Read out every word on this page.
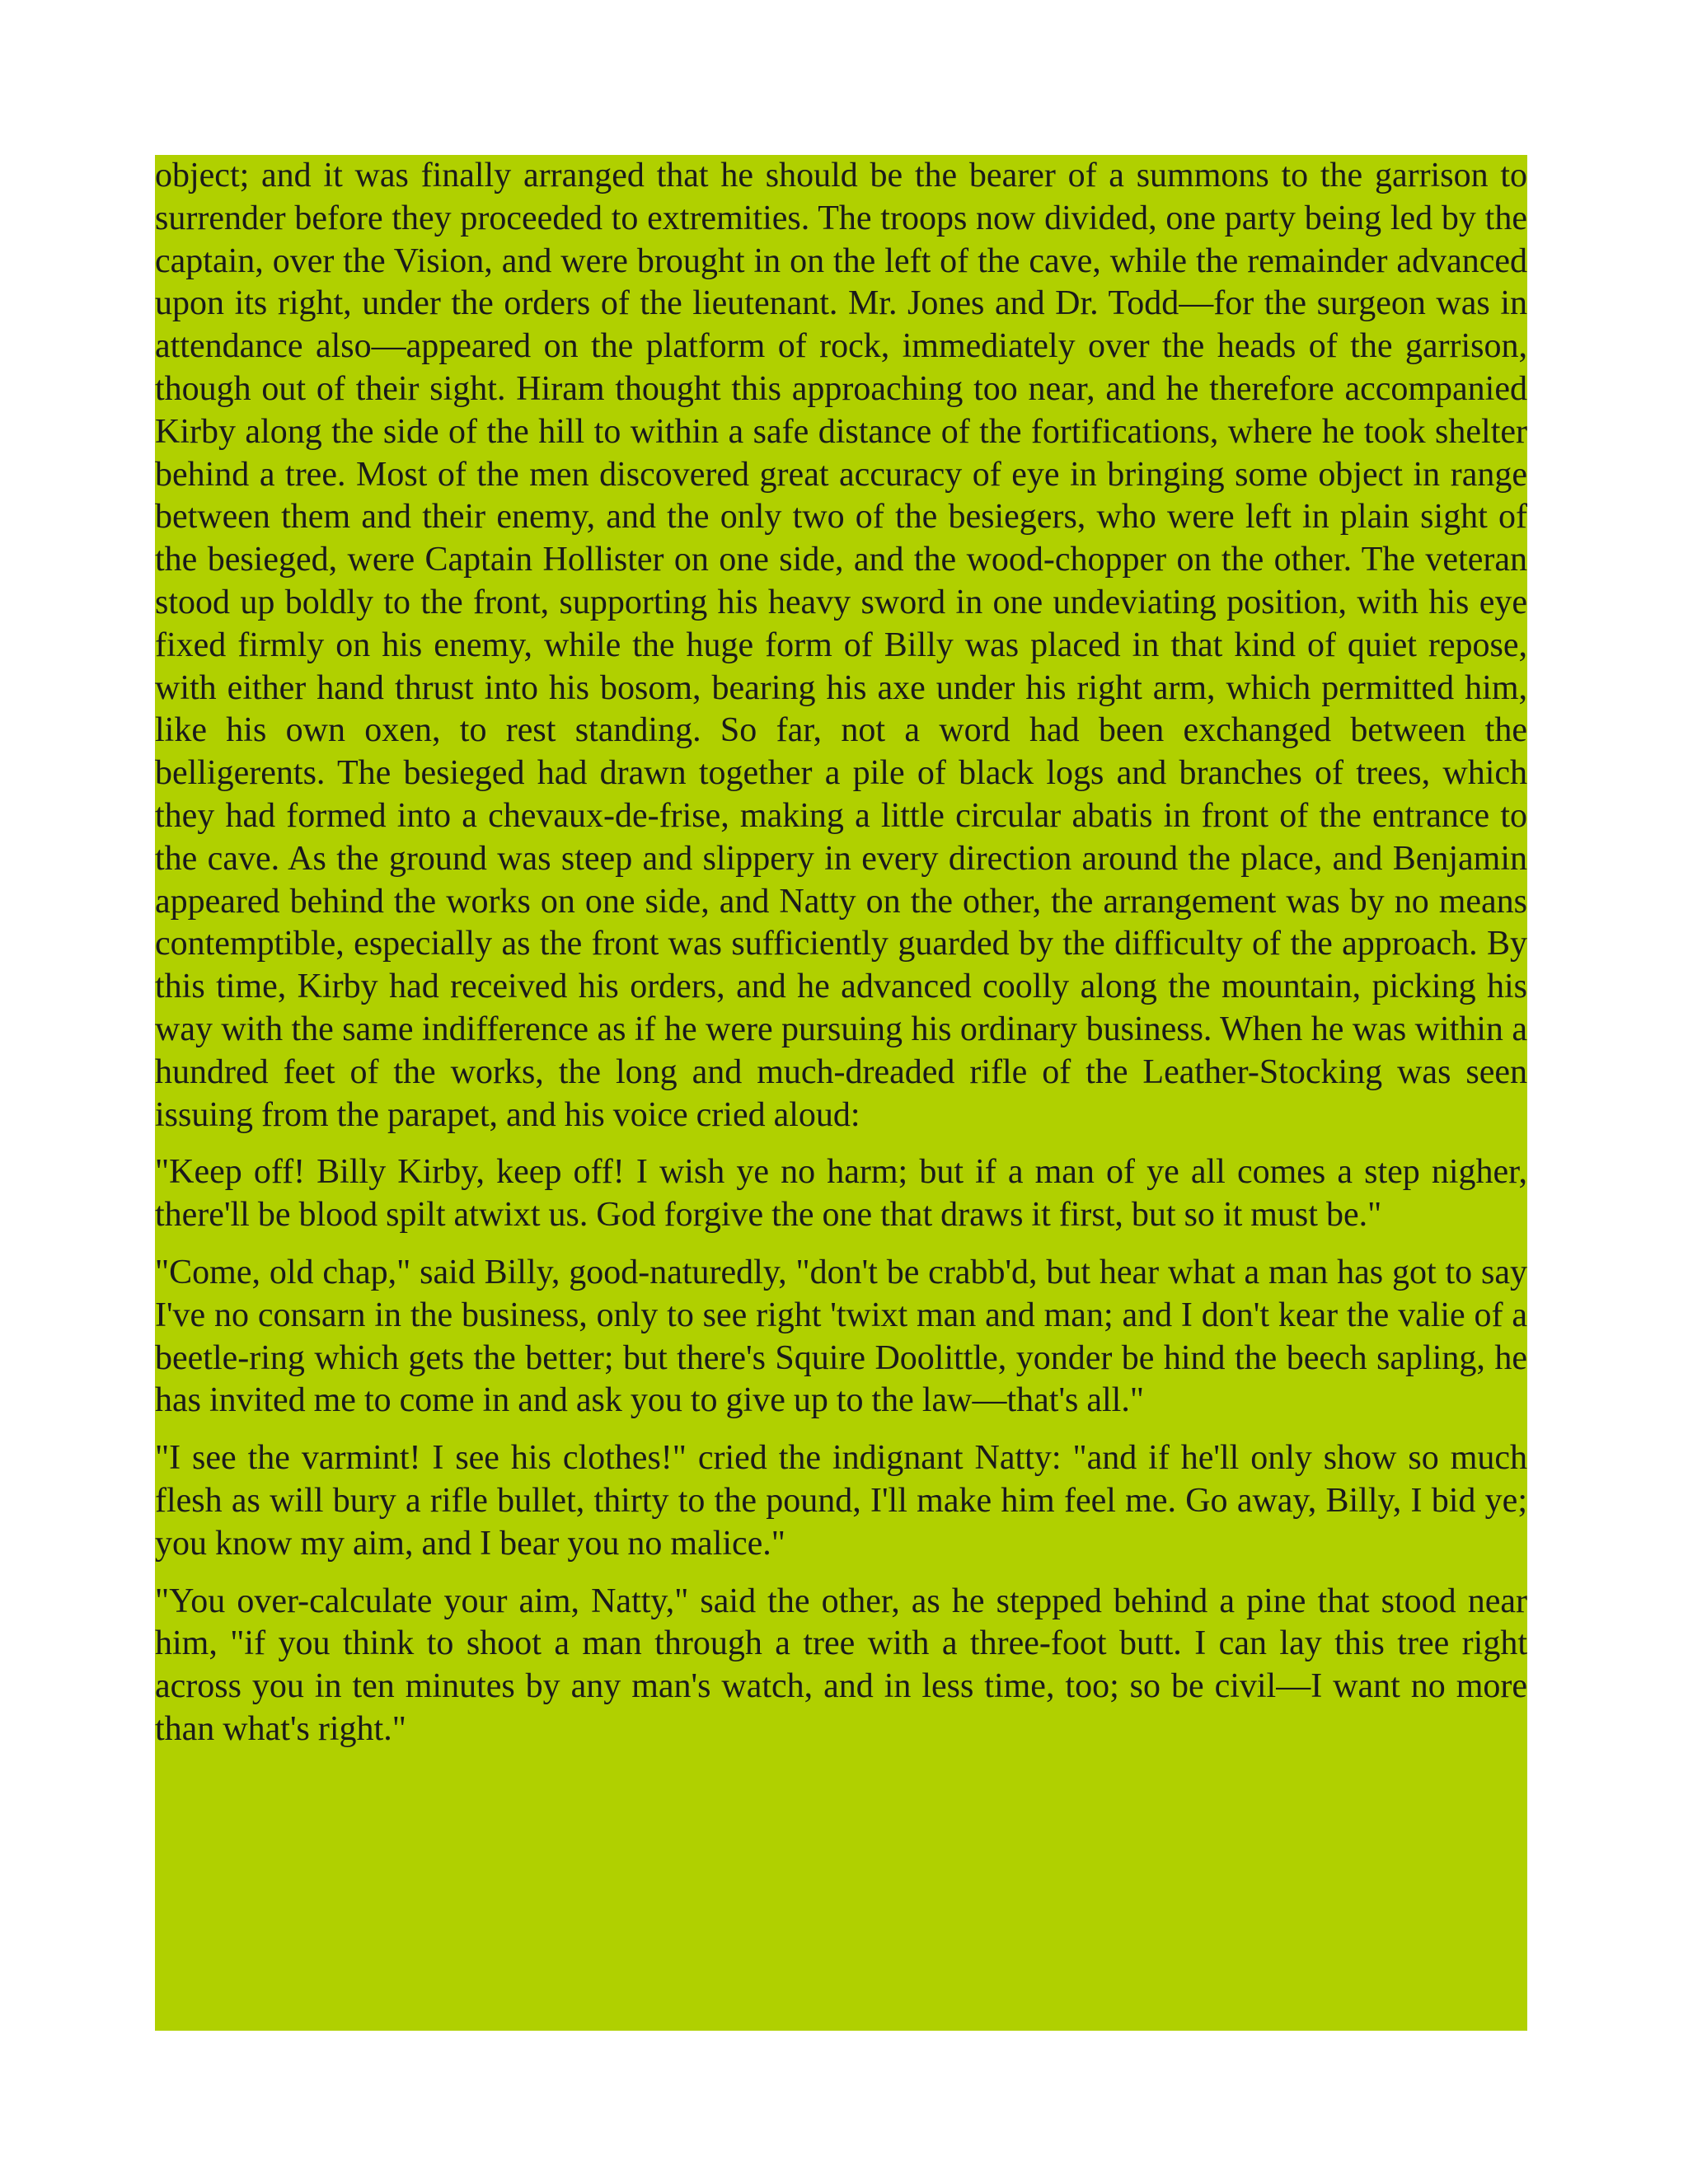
object; and it was finally arranged that he should be the bearer of a summons to the garrison to surrender before they proceeded to extremities. The troops now divided, one party being led by the captain, over the Vision, and were brought in on the left of the cave, while the remainder advanced upon its right, under the orders of the lieutenant. Mr. Jones and Dr. Todd—for the surgeon was in attendance also—appeared on the platform of rock, immediately over the heads of the garrison, though out of their sight. Hiram thought this approaching too near, and he therefore accompanied Kirby along the side of the hill to within a safe distance of the fortifications, where he took shelter behind a tree. Most of the men discovered great accuracy of eye in bringing some object in range between them and their enemy, and the only two of the besiegers, who were left in plain sight of the besieged, were Captain Hollister on one side, and the wood-chopper on the other. The veteran stood up boldly to the front, supporting his heavy sword in one undeviating position, with his eye fixed firmly on his enemy, while the huge form of Billy was placed in that kind of quiet repose, with either hand thrust into his bosom, bearing his axe under his right arm, which permitted him, like his own oxen, to rest standing. So far, not a word had been exchanged between the belligerents. The besieged had drawn together a pile of black logs and branches of trees, which they had formed into a chevaux-de-frise, making a little circular abatis in front of the entrance to the cave. As the ground was steep and slippery in every direction around the place, and Benjamin appeared behind the works on one side, and Natty on the other, the arrangement was by no means contemptible, especially as the front was sufficiently guarded by the difficulty of the approach. By this time, Kirby had received his orders, and he advanced coolly along the mountain, picking his way with the same indifference as if he were pursuing his ordinary business. When he was within a hundred feet of the works, the long and much-dreaded rifle of the Leather-Stocking was seen issuing from the parapet, and his voice cried aloud:

"Keep off! Billy Kirby, keep off! I wish ye no harm; but if a man of ye all comes a step nigher, there'll be blood spilt atwixt us. God forgive the one that draws it first, but so it must be."

"Come, old chap," said Billy, good-naturedly, "don't be crabb'd, but hear what a man has got to say I've no consarn in the business, only to see right 'twixt man and man; and I don't kear the valie of a beetle-ring which gets the better; but there's Squire Doolittle, yonder be hind the beech sapling, he has invited me to come in and ask you to give up to the law—that's all."

"I see the varmint! I see his clothes!" cried the indignant Natty: "and if he'll only show so much flesh as will bury a rifle bullet, thirty to the pound, I'll make him feel me. Go away, Billy, I bid ye; you know my aim, and I bear you no malice."

"You over-calculate your aim, Natty," said the other, as he stepped behind a pine that stood near him, "if you think to shoot a man through a tree with a three-foot butt. I can lay this tree right across you in ten minutes by any man's watch, and in less time, too; so be civil—I want no more than what's right."
